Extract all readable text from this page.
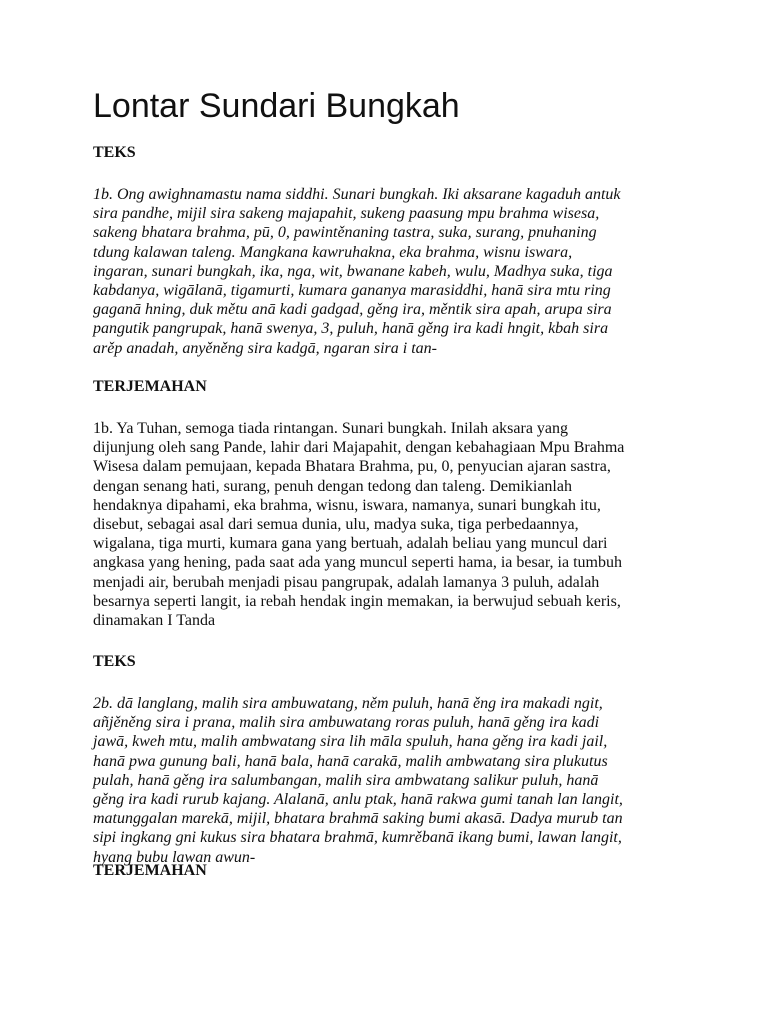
Lontar Sundari Bungkah
TEKS
1b. Ong awighnamastu nama siddhi. Sunari bungkah. Iki aksarane kagaduh antuk
sira pandhe, mijil sira sakeng majapahit, sukeng paasung mpu brahma wisesa,
sakeng bhatara brahma, pū, 0, pawintěnaning tastra, suka, surang, pnuhaning
tdung kalawan taleng. Mangkana kawruhakna, eka brahma, wisnu iswara,
ingaran, sunari bungkah, ika, nga, wit, bwanane kabeh, wulu, Madhya suka, tiga
kabdanya, wigālanā, tigamurti, kumara gananya marasiddhi, hanā sira mtu ring
gaganā hning, duk mětu anā kadi gadgad, gěng ira, měntik sira apah, arupa sira
pangutik pangrupak, hanā swenya, 3, puluh, hanā gěng ira kadi hngit, kbah sira
arěp anadah, anyěněng sira kadgā, ngaran sira i tan-
TERJEMAHAN
1b. Ya Tuhan, semoga tiada rintangan. Sunari bungkah. Inilah aksara yang
dijunjung oleh sang Pande, lahir dari Majapahit, dengan kebahagiaan Mpu Brahma
Wisesa dalam pemujaan, kepada Bhatara Brahma, pu, 0, penyucian ajaran sastra,
dengan senang hati, surang, penuh dengan tedong dan taleng. Demikianlah
hendaknya dipahami, eka brahma, wisnu, iswara, namanya, sunari bungkah itu,
disebut, sebagai asal dari semua dunia, ulu, madya suka, tiga perbedaannya,
wigalana, tiga murti, kumara gana yang bertuah, adalah beliau yang muncul dari
angkasa yang hening, pada saat ada yang muncul seperti hama, ia besar, ia tumbuh
menjadi air, berubah menjadi pisau pangrupak, adalah lamanya 3 puluh, adalah
besarnya seperti langit, ia rebah hendak ingin memakan, ia berwujud sebuah keris,
dinamakan I Tanda
TEKS
2b. dā langlang, malih sira ambuwatang, něm puluh, hanā ěng ira makadi ngit,
añjěněng sira i prana, malih sira ambuwatang roras puluh, hanā gěng ira kadi
jawā, kweh mtu, malih ambwatang sira lih māla spuluh, hana gěng ira kadi jail,
hanā pwa gunung bali, hanā bala, hanā carakā, malih ambwatang sira plukutus
pulah, hanā gěng ira salumbangan, malih sira ambwatang salikur puluh, hanā
gěng ira kadi rurub kajang. Alalanā, anlu ptak, hanā rakwa gumi tanah lan langit,
matunggalan marekā, mijil, bhatara brahmā saking bumi akasā. Dadya murub tan
sipi ingkang gni kukus sira bhatara brahmā, kumrěbanā ikang bumi, lawan langit,
hyang bubu lawan awun-
TERJEMAHAN
